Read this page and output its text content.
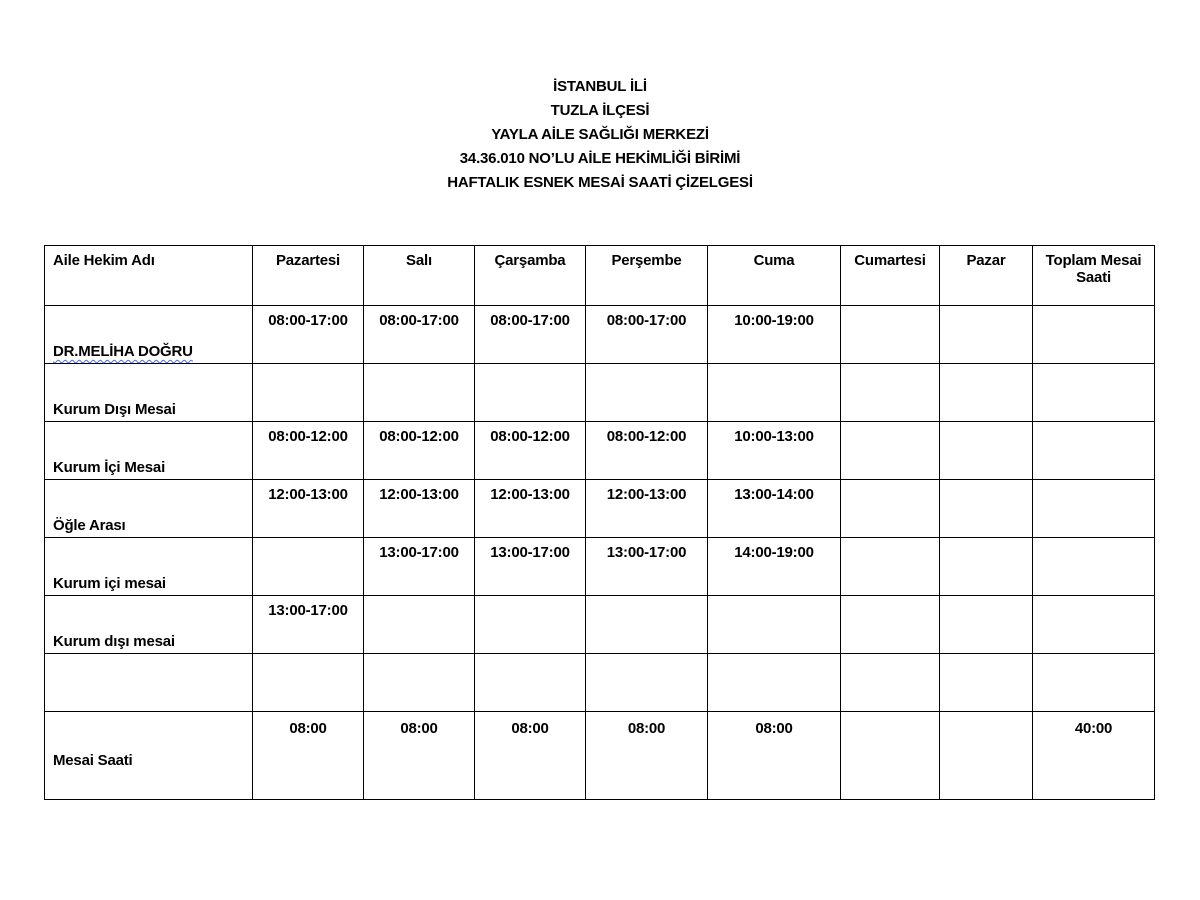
İSTANBUL İLİ
TUZLA İLÇESİ
YAYLA AİLE SAĞLIĞI MERKEZİ
34.36.010 NO’LU AİLE HEKİMLİĞİ BİRİMİ
HAFTALIK ESNEK MESAİ SAATİ ÇİZELGESİ
Aile Hekim Adı	Pazartesi	Salı	Çarşamba	Perşembe	Cuma	Cumartesi	Pazar	Toplam Mesai Saati
DR.MELİHA DOĞRU	08:00-17:00	08:00-17:00	08:00-17:00	08:00-17:00	10:00-19:00			
Kurum Dışı Mesai								
Kurum İçi Mesai	08:00-12:00	08:00-12:00	08:00-12:00	08:00-12:00	10:00-13:00			
Öğle Arası	12:00-13:00	12:00-13:00	12:00-13:00	12:00-13:00	13:00-14:00			
Kurum içi mesai		13:00-17:00	13:00-17:00	13:00-17:00	14:00-19:00			
Kurum dışı mesai	13:00-17:00							

Mesai Saati	08:00	08:00	08:00	08:00	08:00			40:00
